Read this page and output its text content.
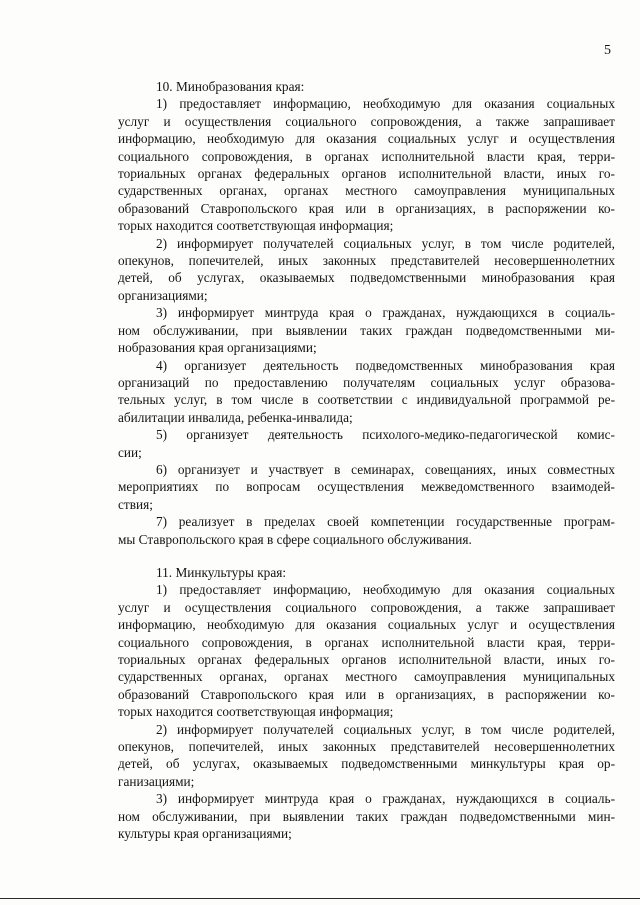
5
10. Минобразования края:
1) предоставляет информацию, необходимую для оказания социальных
услуг и осуществления социального сопровождения, а также запрашивает
информацию, необходимую для оказания социальных услуг и осуществления
социального сопровождения, в органах исполнительной власти края, терри-
ториальных органах федеральных органов исполнительной власти, иных го-
сударственных органах, органах местного самоуправления муниципальных
образований Ставропольского края или в организациях, в распоряжении ко-
торых находится соответствующая информация;
2) информирует получателей социальных услуг, в том числе родителей,
опекунов, попечителей, иных законных представителей несовершеннолетних
детей, об услугах, оказываемых подведомственными минобразования края
организациями;
3) информирует минтруда края о гражданах, нуждающихся в социаль-
ном обслуживании, при выявлении таких граждан подведомственными ми-
нобразования края организациями;
4) организует деятельность подведомственных минобразования края
организаций по предоставлению получателям социальных услуг образова-
тельных услуг, в том числе в соответствии с индивидуальной программой ре-
абилитации инвалида, ребенка-инвалида;
5) организует деятельность психолого-медико-педагогической комис-
сии;
6) организует и участвует в семинарах, совещаниях, иных совместных
мероприятиях по вопросам осуществления межведомственного взаимодей-
ствия;
7) реализует в пределах своей компетенции государственные програм-
мы Ставропольского края в сфере социального обслуживания.
11. Минкультуры края:
1) предоставляет информацию, необходимую для оказания социальных
услуг и осуществления социального сопровождения, а также запрашивает
информацию, необходимую для оказания социальных услуг и осуществления
социального сопровождения, в органах исполнительной власти края, терри-
ториальных органах федеральных органов исполнительной власти, иных го-
сударственных органах, органах местного самоуправления муниципальных
образований Ставропольского края или в организациях, в распоряжении ко-
торых находится соответствующая информация;
2) информирует получателей социальных услуг, в том числе родителей,
опекунов, попечителей, иных законных представителей несовершеннолетних
детей, об услугах, оказываемых подведомственными минкультуры края ор-
ганизациями;
3) информирует минтруда края о гражданах, нуждающихся в социаль-
ном обслуживании, при выявлении таких граждан подведомственными мин-
культуры края организациями;
